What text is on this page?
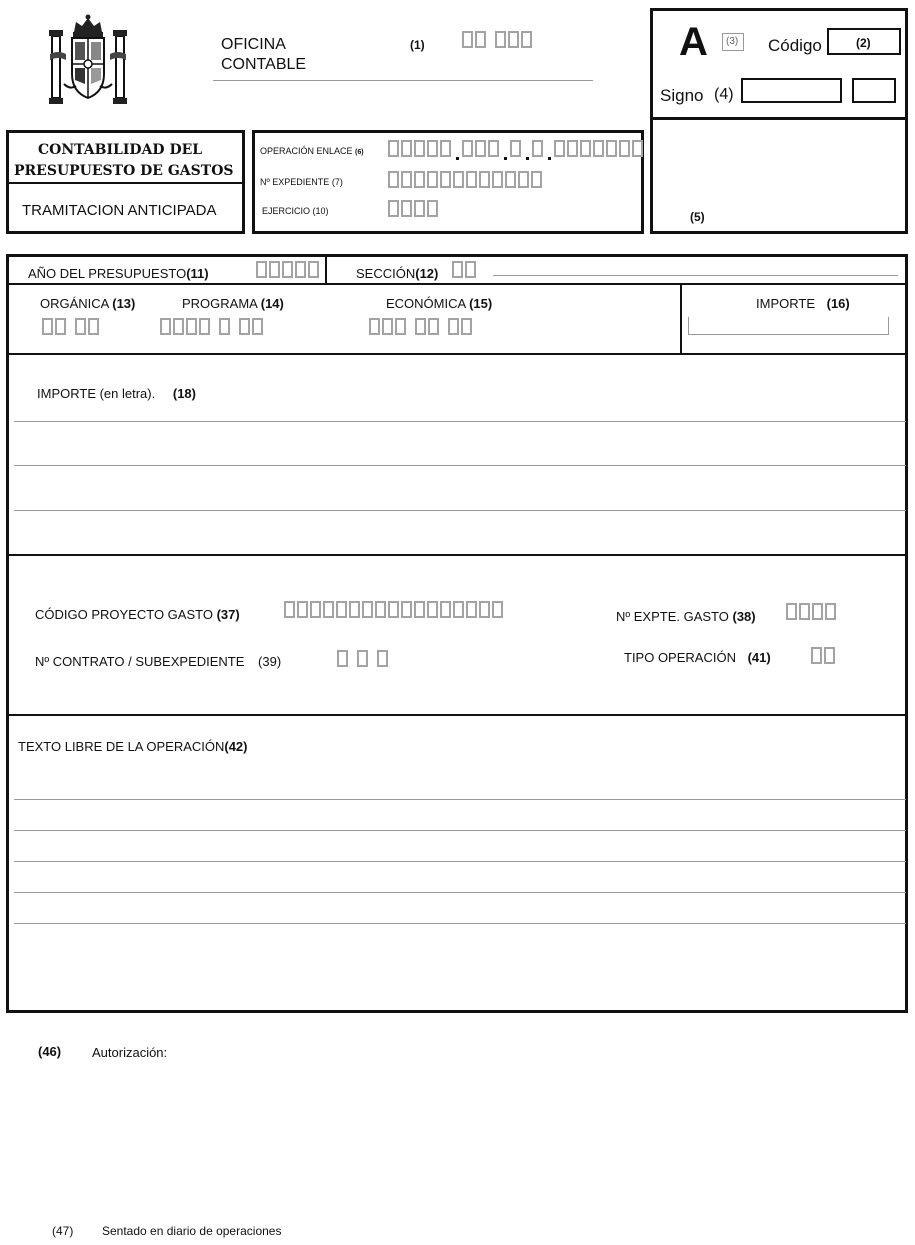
OFICINA
CONTABLE
(1)	A (3) Código	(2)
Signo (4)
(5)
CONTABILIDAD DEL
PRESUPUESTO DE GASTOS
TRAMITACION ANTICIPADA
OPERACIÓN ENLACE (6)
Nº EXPEDIENTE (7)
EJERCICIO (10)
AÑO DEL PRESUPUESTO(11)	SECCIÓN(12)
ORGÁNICA (13)	PROGRAMA (14)	ECONÓMICA (15)	IMPORTE (16)
IMPORTE (en letra). (18)
CÓDIGO PROYECTO GASTO (37)	Nº EXPTE. GASTO (38)
Nº CONTRATO / SUBEXPEDIENTE (39)	TIPO OPERACIÓN (41)
TEXTO LIBRE DE LA OPERACIÓN(42)
(46) Autorización:
(47) Sentado en diario de operaciones
